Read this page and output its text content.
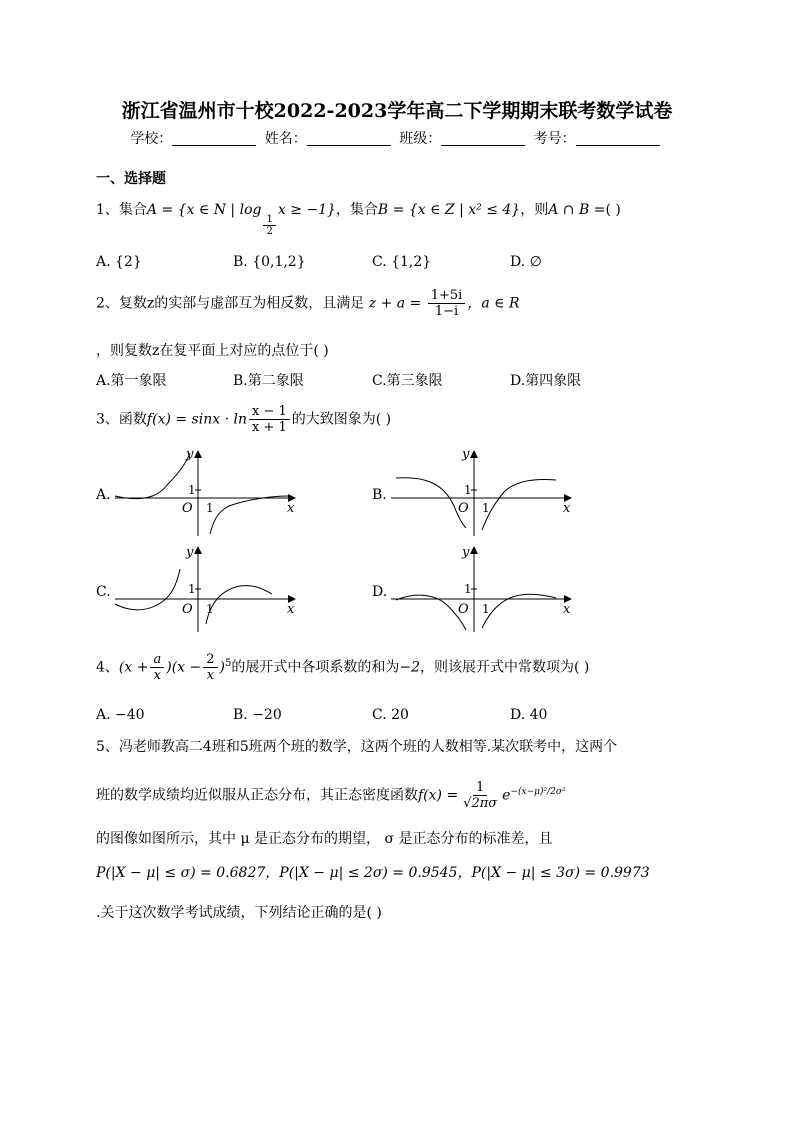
浙江省温州市十校2022-2023学年高二下学期期末联考数学试卷
学校：	姓名：	班级：	考号：
一、选择题
1、集合A = {x ∈ N | log
$\frac{1}{2}$
x ≥ −1}，集合B = {x ∈ Z | x² ≤ 4}，则A ∩ B =( )
A. {2}	B. {0,1,2}	C. {1,2}	D. ∅
2、复数z的实部与虚部互为相反数，且满足 $z + a = \frac{1+5i}{1-i}$ ，a ∈ R
，则复数z在复平面上对应的点位于( )
A.第一象限	B.第二象限	C.第三象限	D.第四象限
3、函数$f(x) = \sin x \cdot \ln \frac{x - 1}{x + 1}$ 的大致图象为( )
A.
y
x
O
1
1
B.
y
x
O
1
1
C.
y
x
O
1
1
D.
y
x
O
1
1
4、$(x + \frac{a}{x} )(x - \frac{2}{x} )^5$的展开式中各项系数的和为−2，则该展开式中常数项为( )
A. −40	B. −20	C. 20	D. 40
5、冯老师教高二4班和5班两个班的数学，这两个班的人数相等.某次联考中，这两个
班的数学成绩均近似服从正态分布，其正态密度函数$f(x) = \frac{1}{√2\pi\sigma} e^{-(x-\mu)^2/2\sigma^2}$
的图像如图所示，其中 μ 是正态分布的期望， σ 是正态分布的标准差，且
P(|X − μ| ≤ σ) = 0.6827，P(|X − μ| ≤ 2σ) = 0.9545，P(|X − μ| ≤ 3σ) = 0.9973
.关于这次数学考试成绩，下列结论正确的是( )
